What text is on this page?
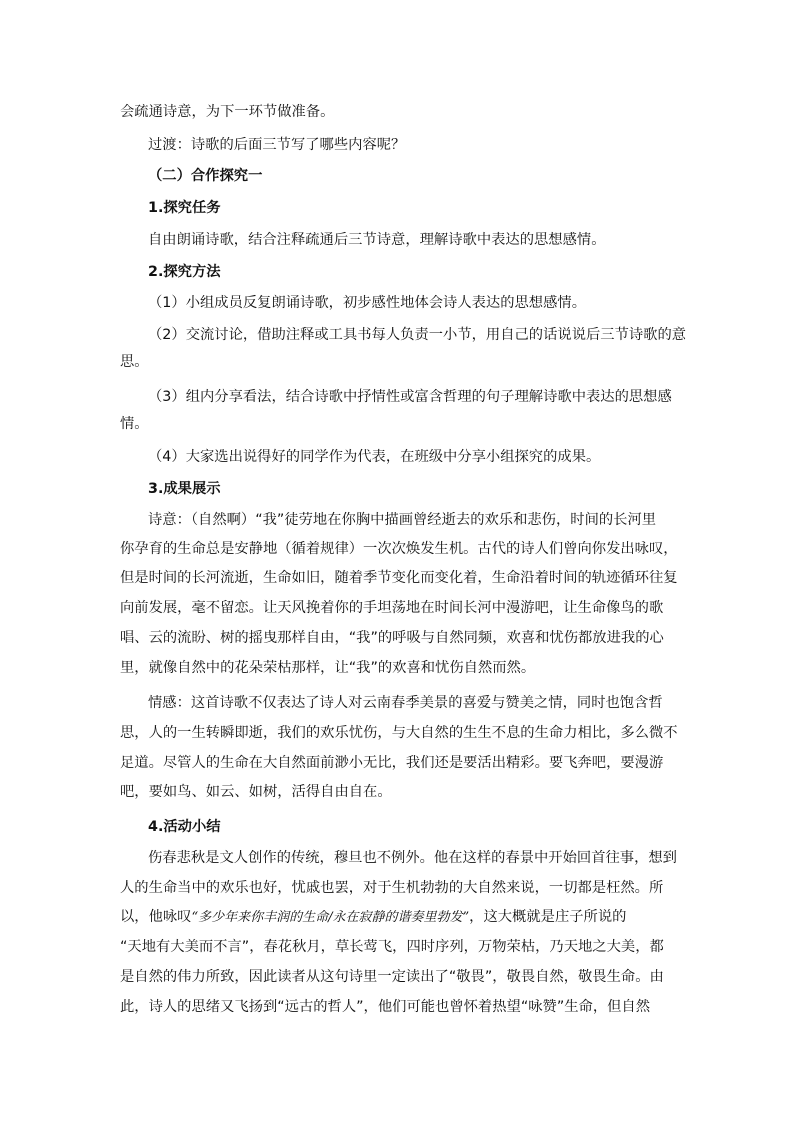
会疏通诗意，为下一环节做准备。
过渡：诗歌的后面三节写了哪些内容呢？
（二）合作探究一
1.探究任务
自由朗诵诗歌，结合注释疏通后三节诗意，理解诗歌中表达的思想感情。
2.探究方法
（1）小组成员反复朗诵诗歌，初步感性地体会诗人表达的思想感情。
（2）交流讨论，借助注释或工具书每人负责一小节，用自己的话说说后三节诗歌的意
思。
（3）组内分享看法，结合诗歌中抒情性或富含哲理的句子理解诗歌中表达的思想感
情。
（4）大家选出说得好的同学作为代表，在班级中分享小组探究的成果。
3.成果展示
诗意：（自然啊）“我”徒劳地在你胸中描画曾经逝去的欢乐和悲伤，时间的长河里
你孕育的生命总是安静地（循着规律）一次次焕发生机。古代的诗人们曾向你发出咏叹，
但是时间的长河流逝，生命如旧，随着季节变化而变化着，生命沿着时间的轨迹循环往复
向前发展，毫不留恋。让天风挽着你的手坦荡地在时间长河中漫游吧，让生命像鸟的歌
唱、云的流盼、树的摇曳那样自由，“我”的呼吸与自然同频，欢喜和忧伤都放进我的心
里，就像自然中的花朵荣枯那样，让“我”的欢喜和忧伤自然而然。
情感：这首诗歌不仅表达了诗人对云南春季美景的喜爱与赞美之情，同时也饱含哲
思，人的一生转瞬即逝，我们的欢乐忧伤，与大自然的生生不息的生命力相比，多么微不
足道。尽管人的生命在大自然面前渺小无比，我们还是要活出精彩。要飞奔吧，要漫游
吧，要如鸟、如云、如树，活得自由自在。
4.活动小结
伤春悲秋是文人创作的传统，穆旦也不例外。他在这样的春景中开始回首往事，想到
人的生命当中的欢乐也好，忧戚也罢，对于生机勃勃的大自然来说，一切都是枉然。所
以，他咏叹“多少年来你丰润的生命/永在寂静的谐奏里勃发”，这大概就是庄子所说的
“天地有大美而不言”，春花秋月，草长莺飞，四时序列，万物荣枯，乃天地之大美，都
是自然的伟力所致，因此读者从这句诗里一定读出了“敬畏”，敬畏自然，敬畏生命。由
此，诗人的思绪又飞扬到“远古的哲人”，他们可能也曾怀着热望“咏赞”生命，但自然
